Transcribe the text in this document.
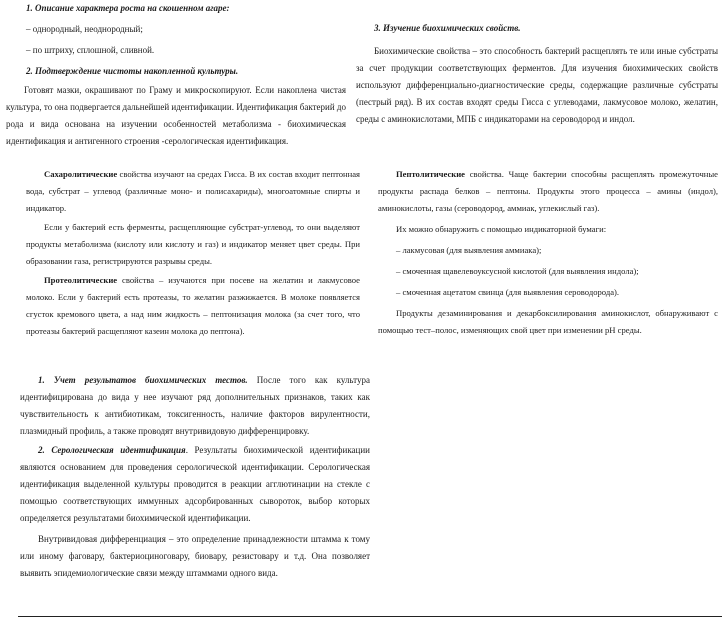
1. Описание характера роста на скошенном агаре:

– однородный, неоднородный;

– по штриху, сплошной, сливной.

2. Подтверждение чистоты накопленной культуры.

Готовят мазки, окрашивают по Граму и микроскопируют. Если накоплена чистая культура, то она подвергается дальнейшей идентификации. Идентификация бактерий до рода и вида основана на изучении особенностей метаболизма - биохимическая идентификация и антигенного строения -серологическая идентификация.

3. Изучение биохимических свойств.

Биохимические свойства – это способность бактерий расщеплять те или иные субстраты за счет продукции соответствующих ферментов. Для изучения биохимических свойств используют дифференциально-диагностические среды, содержащие различные субстраты (пестрый ряд). В их состав входят среды Гисса с углеводами, лакмусовое молоко, желатин, среды с аминокислотами, МПБ с индикаторами на сероводород и индол.

Сахаролитические свойства изучают на средах Гисса. В их состав входит пептонная вода, субстрат – углевод (различные моно- и полисахариды), многоатомные спирты и индикатор.

Если у бактерий есть ферменты, расщепляющие субстрат-углевод, то они выделяют продукты метаболизма (кислоту или кислоту и газ) и индикатор меняет цвет среды. При образовании газа, регистрируются разрывы среды.

Протеолитические свойства – изучаются при посеве на желатин и лакмусовое молоко. Если у бактерий есть протеазы, то желатин разжижается. В молоке появляется сгусток кремового цвета, а над ним жидкость – пептонизация молока (за счет того, что протеазы бактерий расщепляют казеин молока до пептона).

Пептолитические свойства. Чаще бактерии способны расщеплять промежуточные продукты распада белков – пептоны. Продукты этого процесса – амины (индол), аминокислоты, газы (сероводород, аммиак, углекислый газ).

Их можно обнаружить с помощью индикаторной бумаги:

– лакмусовая (для выявления аммиака);

– смоченная щавелевоуксусной кислотой (для выявления индола);

– смоченная ацетатом свинца (для выявления сероводорода).

Продукты дезаминирования и декарбоксилирования аминокислот, обнаруживают с помощью тест–полос, изменяющих свой цвет при изменении pH среды.

1. Учет результатов биохимических тестов. После того как культура идентифицирована до вида у нее изучают ряд дополнительных признаков, таких как чувствительность к антибиотикам, токсигенность, наличие факторов вирулентности, плазмидный профиль, а также проводят внутривидовую дифференцировку.

2. Серологическая идентификация. Результаты биохимической идентификации являются основанием для проведения серологической идентификации. Серологическая идентификация выделенной культуры проводится в реакции агглютинации на стекле с помощью соответствующих иммунных адсорбированных сывороток, выбор которых определяется результатами биохимической идентификации.

Внутривидовая дифференциация – это определение принадлежности штамма к тому или иному фаговару, бактериоциноговару, биовару, резистовару и т.д. Она позволяет выявить эпидемиологические связи между штаммами одного вида.
